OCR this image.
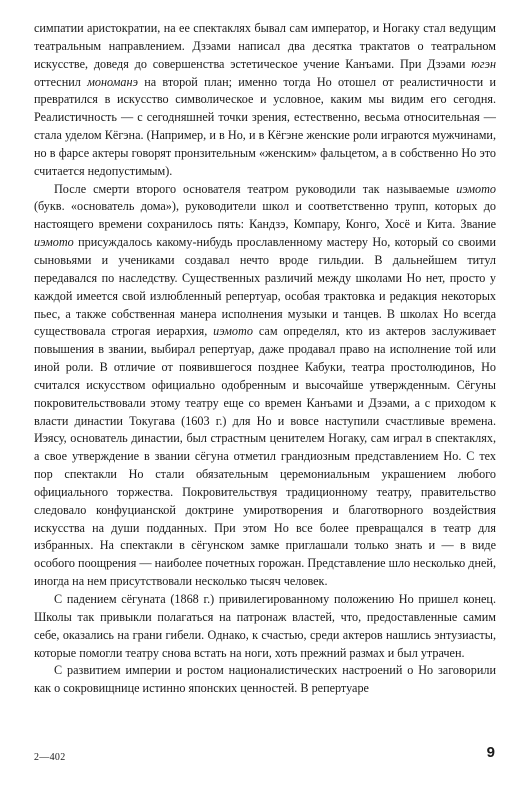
симпатии аристократии, на ее спектаклях бывал сам император, и Ногаку стал ведущим театральным направлением. Дзэами написал два десятка трактатов о театральном искусстве, доведя до совершенства эстетическое учение Канъами. При Дзэами югэн оттеснил мономанэ на второй план; именно тогда Но отошел от реалистичности и превратился в искусство символическое и условное, каким мы видим его сегодня. Реалистичность — с сегодняшней точки зрения, естественно, весьма относительная — стала уделом Кёгэна. (Например, и в Но, и в Кёгэне женские роли играются мужчинами, но в фарсе актеры говорят пронзительным «женским» фальцетом, а в собственно Но это считается недопустимым).

После смерти второго основателя театром руководили так называемые иэмото (букв. «основатель дома»), руководители школ и соответственно трупп, которых до настоящего времени сохранилось пять: Кандзэ, Компару, Конго, Хосё и Кита. Звание иэмото присуждалось какому-нибудь прославленному мастеру Но, который со своими сыновьями и учениками создавал нечто вроде гильдии. В дальнейшем титул передавался по наследству. Существенных различий между школами Но нет, просто у каждой имеется свой излюбленный репертуар, особая трактовка и редакция некоторых пьес, а также собственная манера исполнения музыки и танцев. В школах Но всегда существовала строгая иерархия, иэмото сам определял, кто из актеров заслуживает повышения в звании, выбирал репертуар, даже продавал право на исполнение той или иной роли. В отличие от появившегося позднее Кабуки, театра простолюдинов, Но считался искусством официально одобренным и высочайше утвержденным. Сёгуны покровительствовали этому театру еще со времен Канъами и Дзэами, а с приходом к власти династии Токугава (1603 г.) для Но и вовсе наступили счастливые времена. Иэясу, основатель династии, был страстным ценителем Ногаку, сам играл в спектаклях, а свое утверждение в звании сёгуна отметил грандиозным представлением Но. С тех пор спектакли Но стали обязательным церемониальным украшением любого официального торжества. Покровительствуя традиционному театру, правительство следовало конфуцианской доктрине умиротворения и благотворного воздействия искусства на души подданных. При этом Но все более превращался в театр для избранных. На спектакли в сёгунском замке приглашали только знать и — в виде особого поощрения — наиболее почетных горожан. Представление шло несколько дней, иногда на нем присутствовали несколько тысяч человек.

С падением сёгуната (1868 г.) привилегированному положению Но пришел конец. Школы так привыкли полагаться на патронаж властей, что, предоставленные самим себе, оказались на грани гибели. Однако, к счастью, среди актеров нашлись энтузиасты, которые помогли театру снова встать на ноги, хоть прежний размах и был утрачен.

С развитием империи и ростом националистических настроений о Но заговорили как о сокровищнице истинно японских ценностей. В репертуаре

2—402	9
